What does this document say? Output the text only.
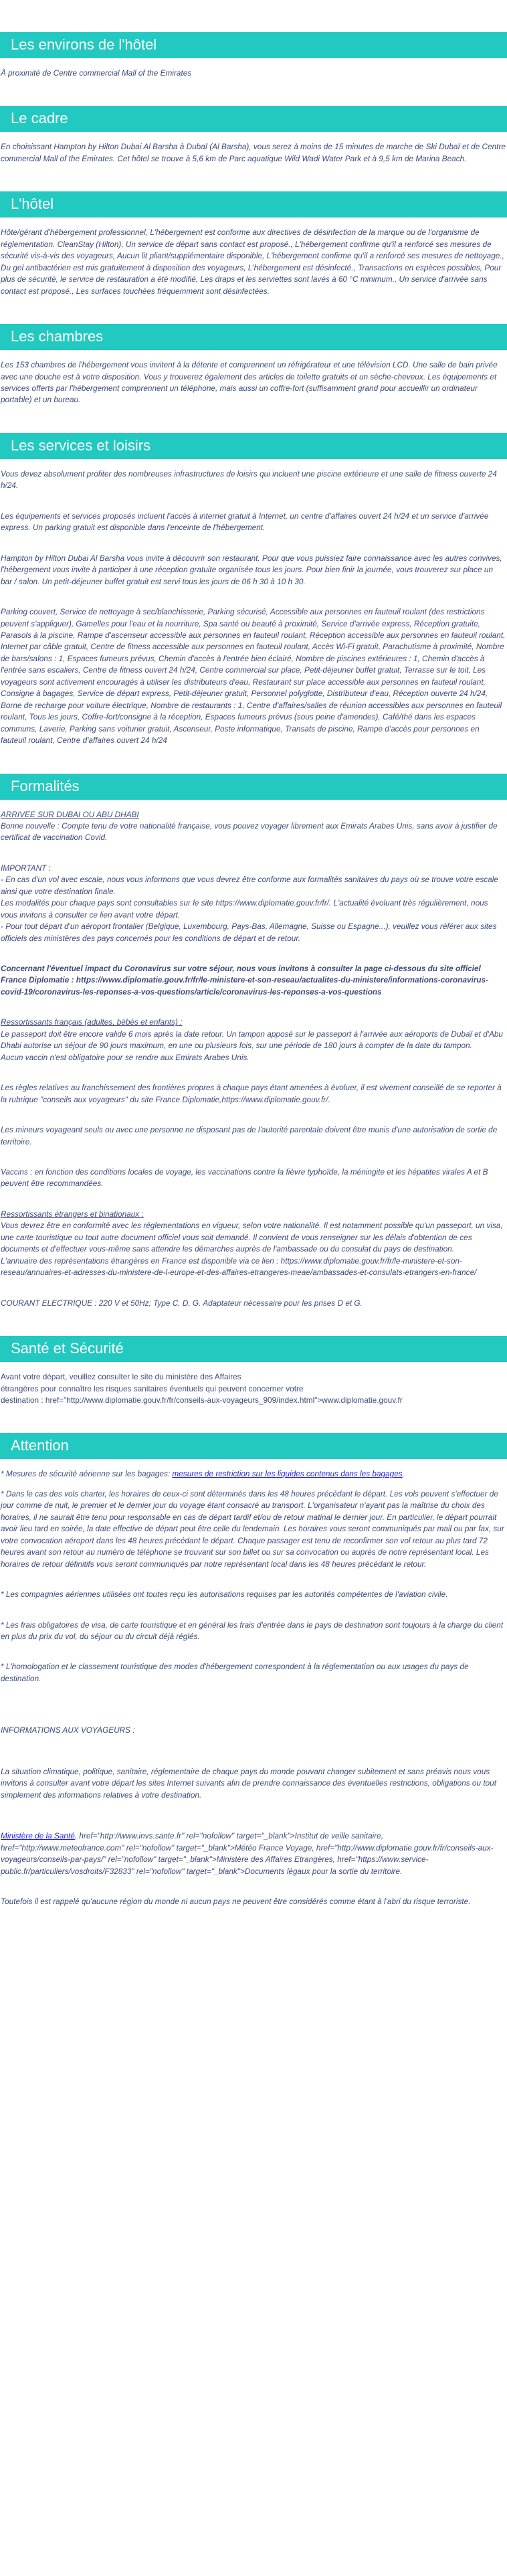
Les environs de l'hôtel

À proximité de Centre commercial Mall of the Emirates

Le cadre

En choisissant Hampton by Hilton Dubai Al Barsha à Dubaï (Al Barsha), vous serez à moins de 15 minutes de marche de Ski Dubaï et de Centre commercial Mall of the Emirates. Cet hôtel se trouve à 5,6 km de Parc aquatique Wild Wadi Water Park et à 9,5 km de Marina Beach.

L'hôtel

Hôte/gérant d'hébergement professionnel, L'hébergement est conforme aux directives de désinfection de la marque ou de l'organisme de réglementation. CleanStay (Hilton), Un service de départ sans contact est proposé., L'hébergement confirme qu'il a renforcé ses mesures de sécurité vis-à-vis des voyageurs, Aucun lit pliant/supplémentaire disponible, L'hébergement confirme qu'il a renforcé ses mesures de nettoyage., Du gel antibactérien est mis gratuitement à disposition des voyageurs, L'hébergement est désinfecté., Transactions en espèces possibles, Pour plus de sécurité, le service de restauration a été modifié, Les draps et les serviettes sont lavés à 60 °C minimum., Un service d'arrivée sans contact est proposé., Les surfaces touchées fréquemment sont désinfectées.

Les chambres

Les 153 chambres de l'hébergement vous invitent à la détente et comprennent un réfrigérateur et une télévision LCD. Une salle de bain privée avec une douche est à votre disposition. Vous y trouverez également des articles de toilette gratuits et un sèche-cheveux. Les équipements et services offerts par l'hébergement comprennent un téléphone, mais aussi un coffre-fort (suffisamment grand pour accueillir un ordinateur portable) et un bureau.

Les services et loisirs

Vous devez absolument profiter des nombreuses infrastructures de loisirs qui incluent une piscine extérieure et une salle de fitness ouverte 24 h/24.

Les équipements et services proposés incluent l'accès à internet gratuit à Internet, un centre d'affaires ouvert 24 h/24 et un service d'arrivée express. Un parking gratuit est disponible dans l'enceinte de l'hébergement.

Hampton by Hilton Dubai Al Barsha vous invite à découvrir son restaurant. Pour que vous puissiez faire connaissance avec les autres convives, l'hébergement vous invite à participer à une réception gratuite organisée tous les jours. Pour bien finir la journée, vous trouverez sur place un bar / salon. Un petit-déjeuner buffet gratuit est servi tous les jours de 06 h 30 à 10 h 30.

Parking couvert, Service de nettoyage à sec/blanchisserie, Parking sécurisé, Accessible aux personnes en fauteuil roulant (des restrictions peuvent s'appliquer), Gamelles pour l'eau et la nourriture, Spa santé ou beauté à proximité, Service d'arrivée express, Réception gratuite, Parasols à la piscine, Rampe d'ascenseur accessible aux personnes en fauteuil roulant, Réception accessible aux personnes en fauteuil roulant, Internet par câble gratuit, Centre de fitness accessible aux personnes en fauteuil roulant, Accès Wi-Fi gratuit, Parachutisme à proximité, Nombre de bars/salons : 1, Espaces fumeurs prévus, Chemin d'accès à l'entrée bien éclairé, Nombre de piscines extérieures : 1, Chemin d'accès à l'entrée sans escaliers, Centre de fitness ouvert 24 h/24, Centre commercial sur place, Petit-déjeuner buffet gratuit, Terrasse sur le toit, Les voyageurs sont activement encouragés à utiliser les distributeurs d'eau, Restaurant sur place accessible aux personnes en fauteuil roulant, Consigne à bagages, Service de départ express, Petit-déjeuner gratuit, Personnel polyglotte, Distributeur d'eau, Réception ouverte 24 h/24, Borne de recharge pour voiture électrique, Nombre de restaurants : 1, Centre d'affaires/salles de réunion accessibles aux personnes en fauteuil roulant, Tous les jours, Coffre-fort/consigne à la réception, Espaces fumeurs prévus (sous peine d'amendes), Café/thé dans les espaces communs, Laverie, Parking sans voiturier gratuit, Ascenseur, Poste informatique, Transats de piscine, Rampe d'accès pour personnes en fauteuil roulant, Centre d'affaires ouvert 24 h/24

Formalités
ARRIVEE SUR DUBAI OU ABU DHABI

Bonne nouvelle : Compte tenu de votre nationalité française, vous pouvez voyager librement aux Emirats Arabes Unis, sans avoir à justifier de certificat de vaccination Covid.

IMPORTANT :
- En cas d'un vol avec escale, nous vous informons que vous devrez être conforme aux formalités sanitaires du pays où se trouve votre escale ainsi que votre destination finale.
Les modalités pour chaque pays sont consultables sur le site https://www.diplomatie.gouv.fr/fr/. L'actualité évoluant très régulièrement, nous vous invitons à consulter ce lien avant votre départ.

- Pour tout départ d'un aéroport frontalier (Belgique, Luxembourg, Pays-Bas, Allemagne, Suisse ou Espagne...), veuillez vous référer aux sites officiels des ministères des pays concernés pour les conditions de départ et de retour.

Concernant l'éventuel impact du Coronavirus sur votre séjour, nous vous invitons à consulter la page ci-dessous du site officiel France Diplomatie : https://www.diplomatie.gouv.fr/fr/le-ministere-et-son-reseau/actualites-du-ministere/informations-coronavirus-covid-19/coronavirus-les-reponses-a-vos-questions/article/coronavirus-les-reponses-a-vos-questions

Ressortissants français (adultes, bébés et enfants) :
Le passeport doit être encore valide 6 mois après la date retour. Un tampon apposé sur le passeport à l'arrivée aux aéroports de Dubaï et d'Abu Dhabi autorise un séjour de 90 jours maximum, en une ou plusieurs fois, sur une période de 180 jours à compter de la date du tampon.

Aucun vaccin n'est obligatoire pour se rendre aux Emirats Arabes Unis.

Les règles relatives au franchissement des frontières propres à chaque pays étant amenées à évoluer, il est vivement conseillé de se reporter à la rubrique "conseils aux voyageurs" du site France Diplomatie,https://www.diplomatie.gouv.fr/.

Les mineurs voyageant seuls ou avec une personne ne disposant pas de l'autorité parentale doivent être munis d'une autorisation de sortie de territoire.

Vaccins : en fonction des conditions locales de voyage, les vaccinations contre la fièvre typhoïde, la méningite et les hépatites virales A et B peuvent être recommandées.

Ressortissants étrangers et binationaux :
Vous devrez être en conformité avec les réglementations en vigueur, selon votre nationalité. Il est notamment possible qu'un passeport, un visa, une carte touristique ou tout autre document officiel vous soit demandé. Il convient de vous renseigner sur les délais d'obtention de ces documents et d'effectuer vous-même sans attendre les démarches auprès de l'ambassade ou du consulat du pays de destination.

L'annuaire des représentations étrangères en France est disponible via ce lien : https://www.diplomatie.gouv.fr/fr/le-ministere-et-son-reseau/annuaires-et-adresses-du-ministere-de-l-europe-et-des-affaires-etrangeres-meae/ambassades-et-consulats-etrangers-en-france/

COURANT ELECTRIQUE : 220 V et 50Hz; Type C, D, G. Adaptateur nécessaire pour les prises D et G.

Santé et Sécurité
Avant votre départ, veuillez consulter le site du ministère des Affaires
étrangères pour connaître les risques sanitaires éventuels qui peuvent concerner votre
destination : href="http://www.diplomatie.gouv.fr/fr/conseils-aux-voyageurs_909/index.html">www.diplomatie.gouv.fr
Attention

* Mesures de sécurité aérienne sur les bagages: mesures de restriction sur les liquides contenus dans les bagages.

* Dans le cas des vols charter, les horaires de ceux-ci sont déterminés dans les 48 heures précédant le départ. Les vols peuvent s'effectuer de jour comme de nuit, le premier et le dernier jour du voyage étant consacré au transport. L'organisateur n'ayant pas la maîtrise du choix des horaires, il ne saurait être tenu pour responsable en cas de départ tardif et/ou de retour matinal le dernier jour. En particulier, le départ pourrait avoir lieu tard en soirée, la date effective de départ peut être celle du lendemain. Les horaires vous seront communiqués par mail ou par fax, sur votre convocation aéroport dans les 48 heures précédant le départ. Chaque passager est tenu de reconfirmer son vol retour au plus tard 72 heures avant son retour au numéro de téléphone se trouvant sur son billet ou sur sa convocation ou auprès de notre représentant local. Les horaires de retour définitifs vous seront communiqués par notre représentant local dans les 48 heures précédant le retour.

* Les compagnies aériennes utilisées ont toutes reçu les autorisations requises par les autorités compétentes de l'aviation civile.

* Les frais obligatoires de visa, de carte touristique et en général les frais d'entrée dans le pays de destination sont toujours à la charge du client en plus du prix du vol, du séjour ou du circuit déjà réglés.

* L'homologation et le classement touristique des modes d'hébergement correspondent à la réglementation ou aux usages du pays de destination.

INFORMATIONS AUX VOYAGEURS :

La situation climatique, politique, sanitaire, réglementaire de chaque pays du monde pouvant changer subitement et sans préavis nous vous invitons à consulter avant votre départ les sites Internet suivants afin de prendre connaissance des éventuelles restrictions, obligations ou tout simplement des informations relatives à votre destination.

Ministère de la Santé, href="http://www.invs.sante.fr" rel="nofollow" target="_blank">Institut de veille sanitaire, href="http://www.meteofrance.com" rel="nofollow" target="_blank">Météo France Voyage, href="http://www.diplomatie.gouv.fr/fr/conseils-aux-voyageurs/conseils-par-pays/" rel="nofollow" target="_blank">Ministère des Affaires Etrangères, href="https://www.service-public.fr/particuliers/vosdroits/F32833" rel="nofollow" target="_blank">Documents légaux pour la sortie du territoire.

Toutefois il est rappelé qu'aucune région du monde ni aucun pays ne peuvent être considérés comme étant à l'abri du risque terroriste.
